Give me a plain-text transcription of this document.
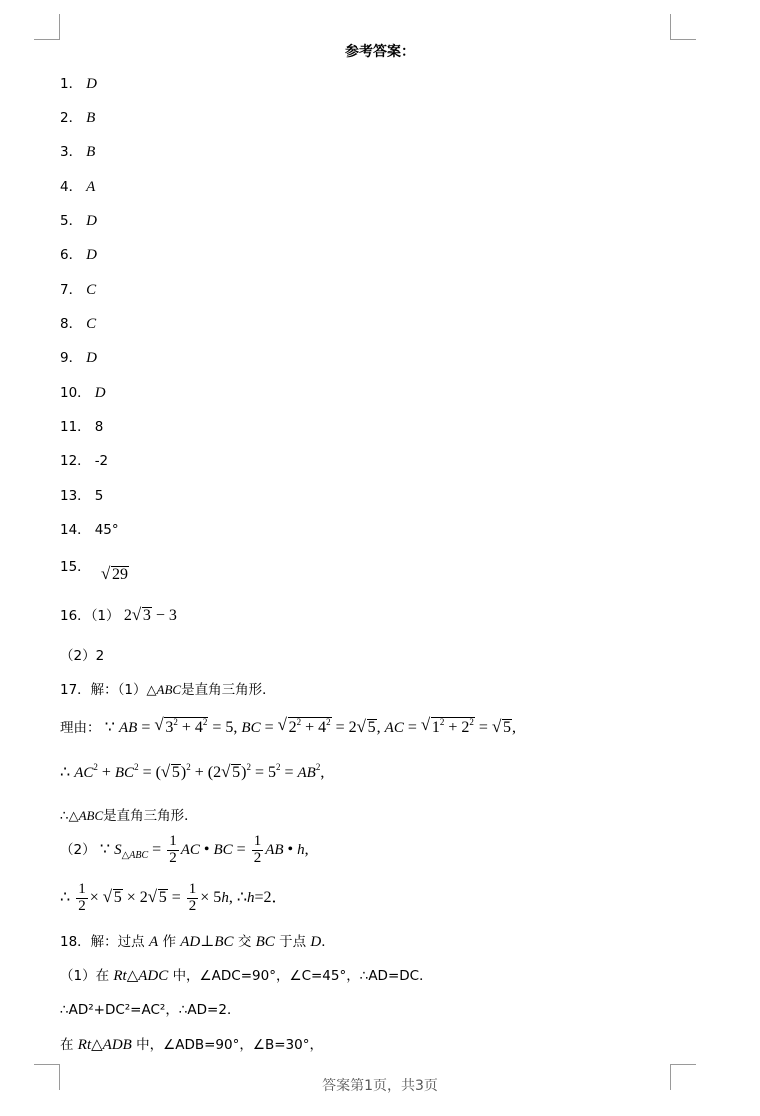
参考答案：
1． D
2． B
3． B
4． A
5． D
6． D
7． C
8． C
9． D
10． D
11． 8
12． -2
13． 5
14． 45°
15． √ 29
16．（1） 2√ 3 − 3
（2）2
17．解：（1）△ABC是直角三角形．
理由： ∵ AB = √ $3^2 + 4^2 = 5$, BC = √ $2^2 + 4^2 = 2√$ 5, AC = √ $1^2 + 2^2$ = √ 5,
∴ $AC^2 + BC^2$ = (√ 5)$^2$ + (2√ $5)^2 = 5^2 = AB^2$,
∴△ABC是直角三角形．
（2） ∵ $S_{\triangle ABC} = \frac{1}{2}$ AC • BC = $\frac{1}{2}$ AB • h,
∴ $\frac{1}{2}$ × √ 5 × 2√ $5 = \frac{1}{2} \times 5h$, ∴h=2．
18．解：过点 A 作 AD⊥BC 交 BC 于点 D．
（1）在 Rt△ADC 中，∠ADC=90°，∠C=45°，∴AD=DC．
∴AD²+DC²=AC²，∴AD=2．
在 Rt△ADB 中，∠ADB=90°，∠B=30°，
答案第1页，共3页
